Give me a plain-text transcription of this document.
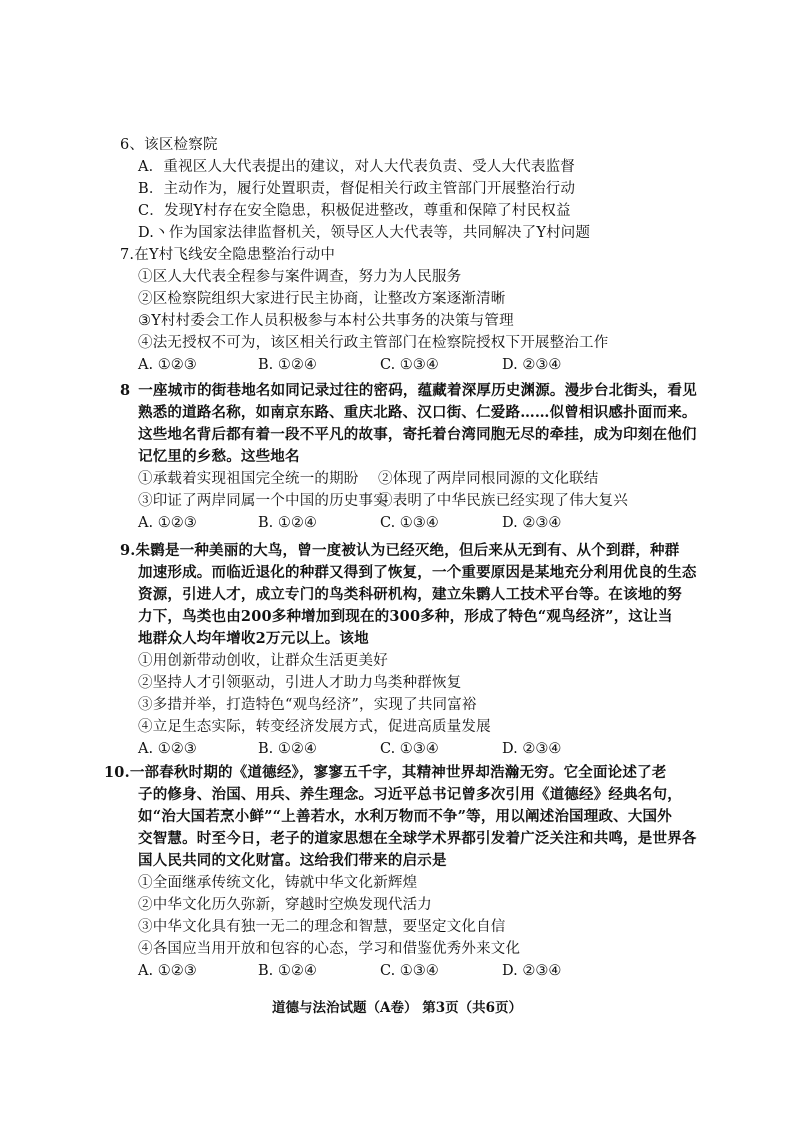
6、该区检察院
A．重视区人大代表提出的建议，对人大代表负责、受人大代表监督
B．主动作为，履行处置职责，督促相关行政主管部门开展整治行动
C．发现Y村存在安全隐患，积极促进整改，尊重和保障了村民权益
D.丶作为国家法律监督机关，领导区人大代表等，共同解决了Y村问题
7.在Y村飞线安全隐患整治行动中
①区人大代表全程参与案件调查，努力为人民服务
②区检察院组织大家进行民主协商，让整改方案逐渐清晰
③Y村村委会工作人员积极参与本村公共事务的决策与管理
④法无授权不可为，该区相关行政主管部门在检察院授权下开展整治工作
A. ①②③	B. ①②④	C. ①③④	D. ②③④
8 一座城市的街巷地名如同记录过往的密码，蕴藏着深厚历史渊源。漫步台北街头，看见
熟悉的道路名称，如南京东路、重庆北路、汉口街、仁爱路……似曾相识感扑面而来。
这些地名背后都有着一段不平凡的故事，寄托着台湾同胞无尽的牵挂，成为印刻在他们
记忆里的乡愁。这些地名
①承载着实现祖国完全统一的期盼 ②体现了两岸同根同源的文化联结
③印证了两岸同属一个中国的历史事实
④表明了中华民族已经实现了伟大复兴
A. ①②③	B. ①②④	C. ①③④	D. ②③④
9.朱鹮是一种美丽的大鸟，曾一度被认为已经灭绝，但后来从无到有、从个到群，种群
加速形成。而临近退化的种群又得到了恢复，一个重要原因是某地充分利用优良的生态
资源，引进人才，成立专门的鸟类科研机构，建立朱鹮人工技术平台等。在该地的努
力下，鸟类也由200多种增加到现在的300多种，形成了特色“观鸟经济”，这让当
地群众人均年增收2万元以上。该地
①用创新带动创收，让群众生活更美好
②坚持人才引领驱动，引进人才助力鸟类种群恢复
③多措并举，打造特色“观鸟经济”，实现了共同富裕
④立足生态实际，转变经济发展方式，促进高质量发展
A. ①②③	B. ①②④	C. ①③④	D. ②③④
10.一部春秋时期的《道德经》，寥寥五千字，其精神世界却浩瀚无穷。它全面论述了老
子的修身、治国、用兵、养生理念。习近平总书记曾多次引用《道德经》经典名句，
如“治大国若烹小鲜”“上善若水，水利万物而不争”等，用以阐述治国理政、大国外
交智慧。时至今日，老子的道家思想在全球学术界都引发着广泛关注和共鸣，是世界各
国人民共同的文化财富。这给我们带来的启示是
①全面继承传统文化，铸就中华文化新辉煌
②中华文化历久弥新，穿越时空焕发现代活力
③中华文化具有独一无二的理念和智慧，要坚定文化自信
④各国应当用开放和包容的心态，学习和借鉴优秀外来文化
A. ①②③	B. ①②④	C. ①③④	D. ②③④
道德与法治试题（A卷） 第3页（共6页）
